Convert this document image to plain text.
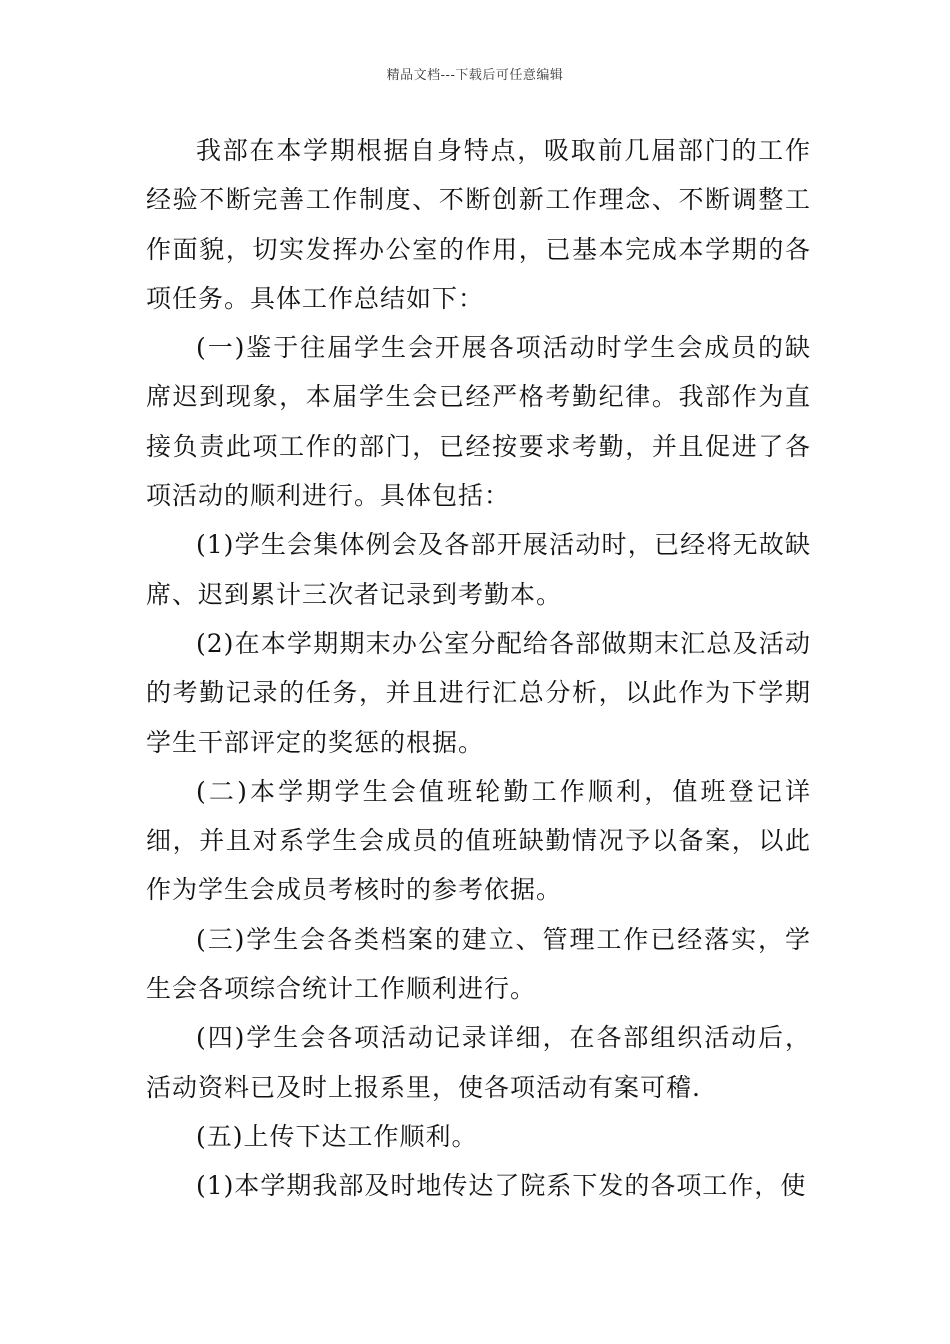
精品文档---下载后可任意编辑

我部在本学期根据自身特点，吸取前几届部门的工作经验不断完善工作制度、不断创新工作理念、不断调整工作面貌，切实发挥办公室的作用，已基本完成本学期的各项任务。具体工作总结如下：

(一)鉴于往届学生会开展各项活动时学生会成员的缺席迟到现象，本届学生会已经严格考勤纪律。我部作为直接负责此项工作的部门，已经按要求考勤，并且促进了各项活动的顺利进行。具体包括：

(1)学生会集体例会及各部开展活动时，已经将无故缺席、迟到累计三次者记录到考勤本。

(2)在本学期期末办公室分配给各部做期末汇总及活动的考勤记录的任务，并且进行汇总分析，以此作为下学期学生干部评定的奖惩的根据。

(二)本学期学生会值班轮勤工作顺利，值班登记详细，并且对系学生会成员的值班缺勤情况予以备案，以此作为学生会成员考核时的参考依据。

(三)学生会各类档案的建立、管理工作已经落实，学生会各项综合统计工作顺利进行。

(四)学生会各项活动记录详细，在各部组织活动后，活动资料已及时上报系里，使各项活动有案可稽.

(五)上传下达工作顺利。

(1)本学期我部及时地传达了院系下发的各项工作，使
